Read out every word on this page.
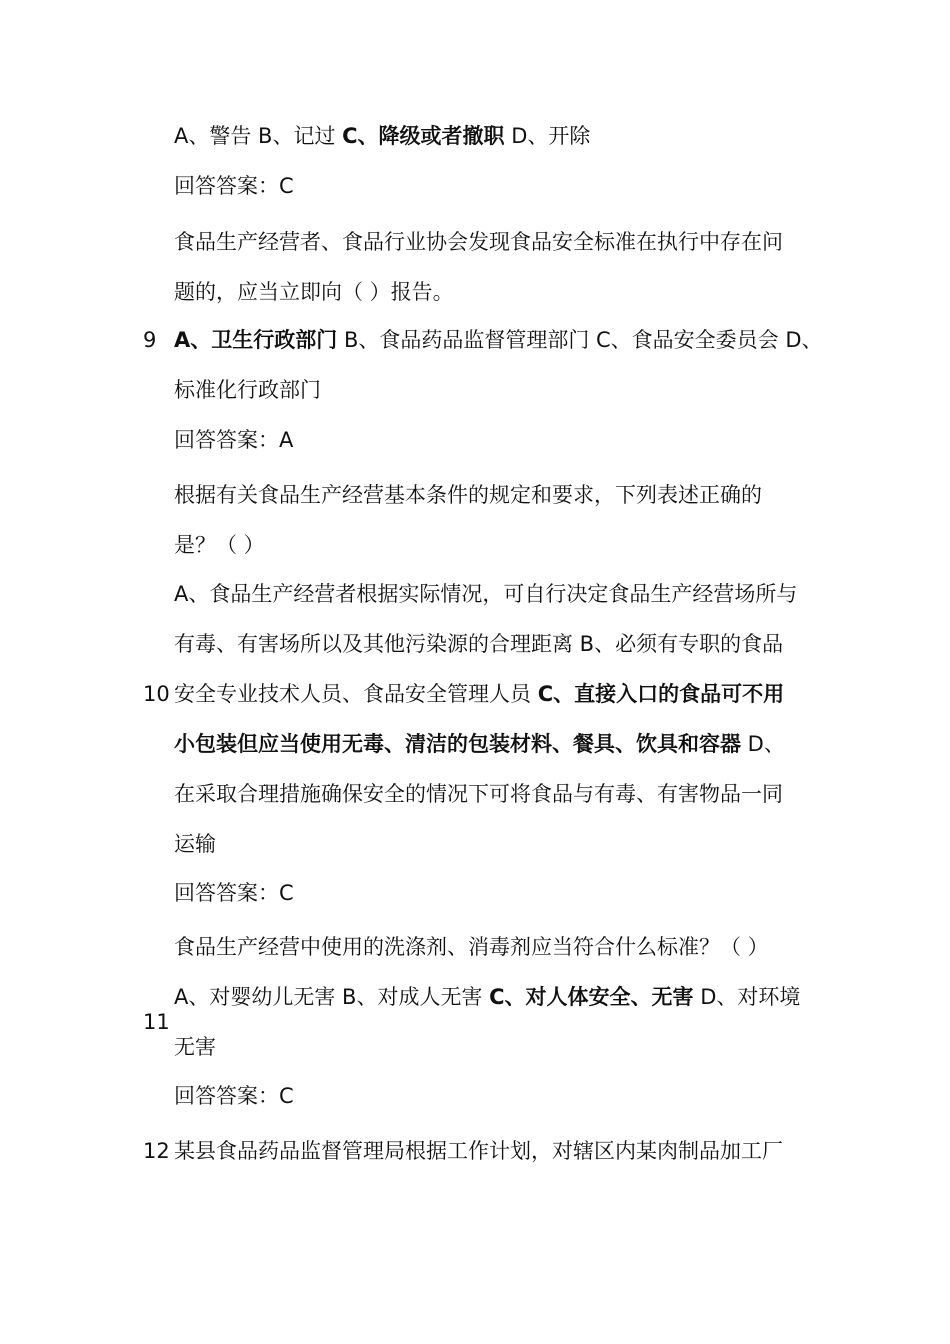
A、警告 B、记过 C、降级或者撤职 D、开除
回答答案：C
食品生产经营者、食品行业协会发现食品安全标准在执行中存在问
题的，应当立即向（ ）报告。
9 A、卫生行政部门 B、食品药品监督管理部门 C、食品安全委员会 D、
标准化行政部门
回答答案：A
根据有关食品生产经营基本条件的规定和要求，下列表述正确的
是？（ ）
A、食品生产经营者根据实际情况，可自行决定食品生产经营场所与
有毒、有害场所以及其他污染源的合理距离 B、必须有专职的食品
10 安全专业技术人员、食品安全管理人员 C、直接入口的食品可不用
小包装但应当使用无毒、清洁的包装材料、餐具、饮具和容器 D、
在采取合理措施确保安全的情况下可将食品与有毒、有害物品一同
运输
回答答案：C
食品生产经营中使用的洗涤剂、消毒剂应当符合什么标准？（ ）
A、对婴幼儿无害 B、对成人无害 C、对人体安全、无害 D、对环境
11
无害
回答答案：C
12 某县食品药品监督管理局根据工作计划，对辖区内某肉制品加工厂
